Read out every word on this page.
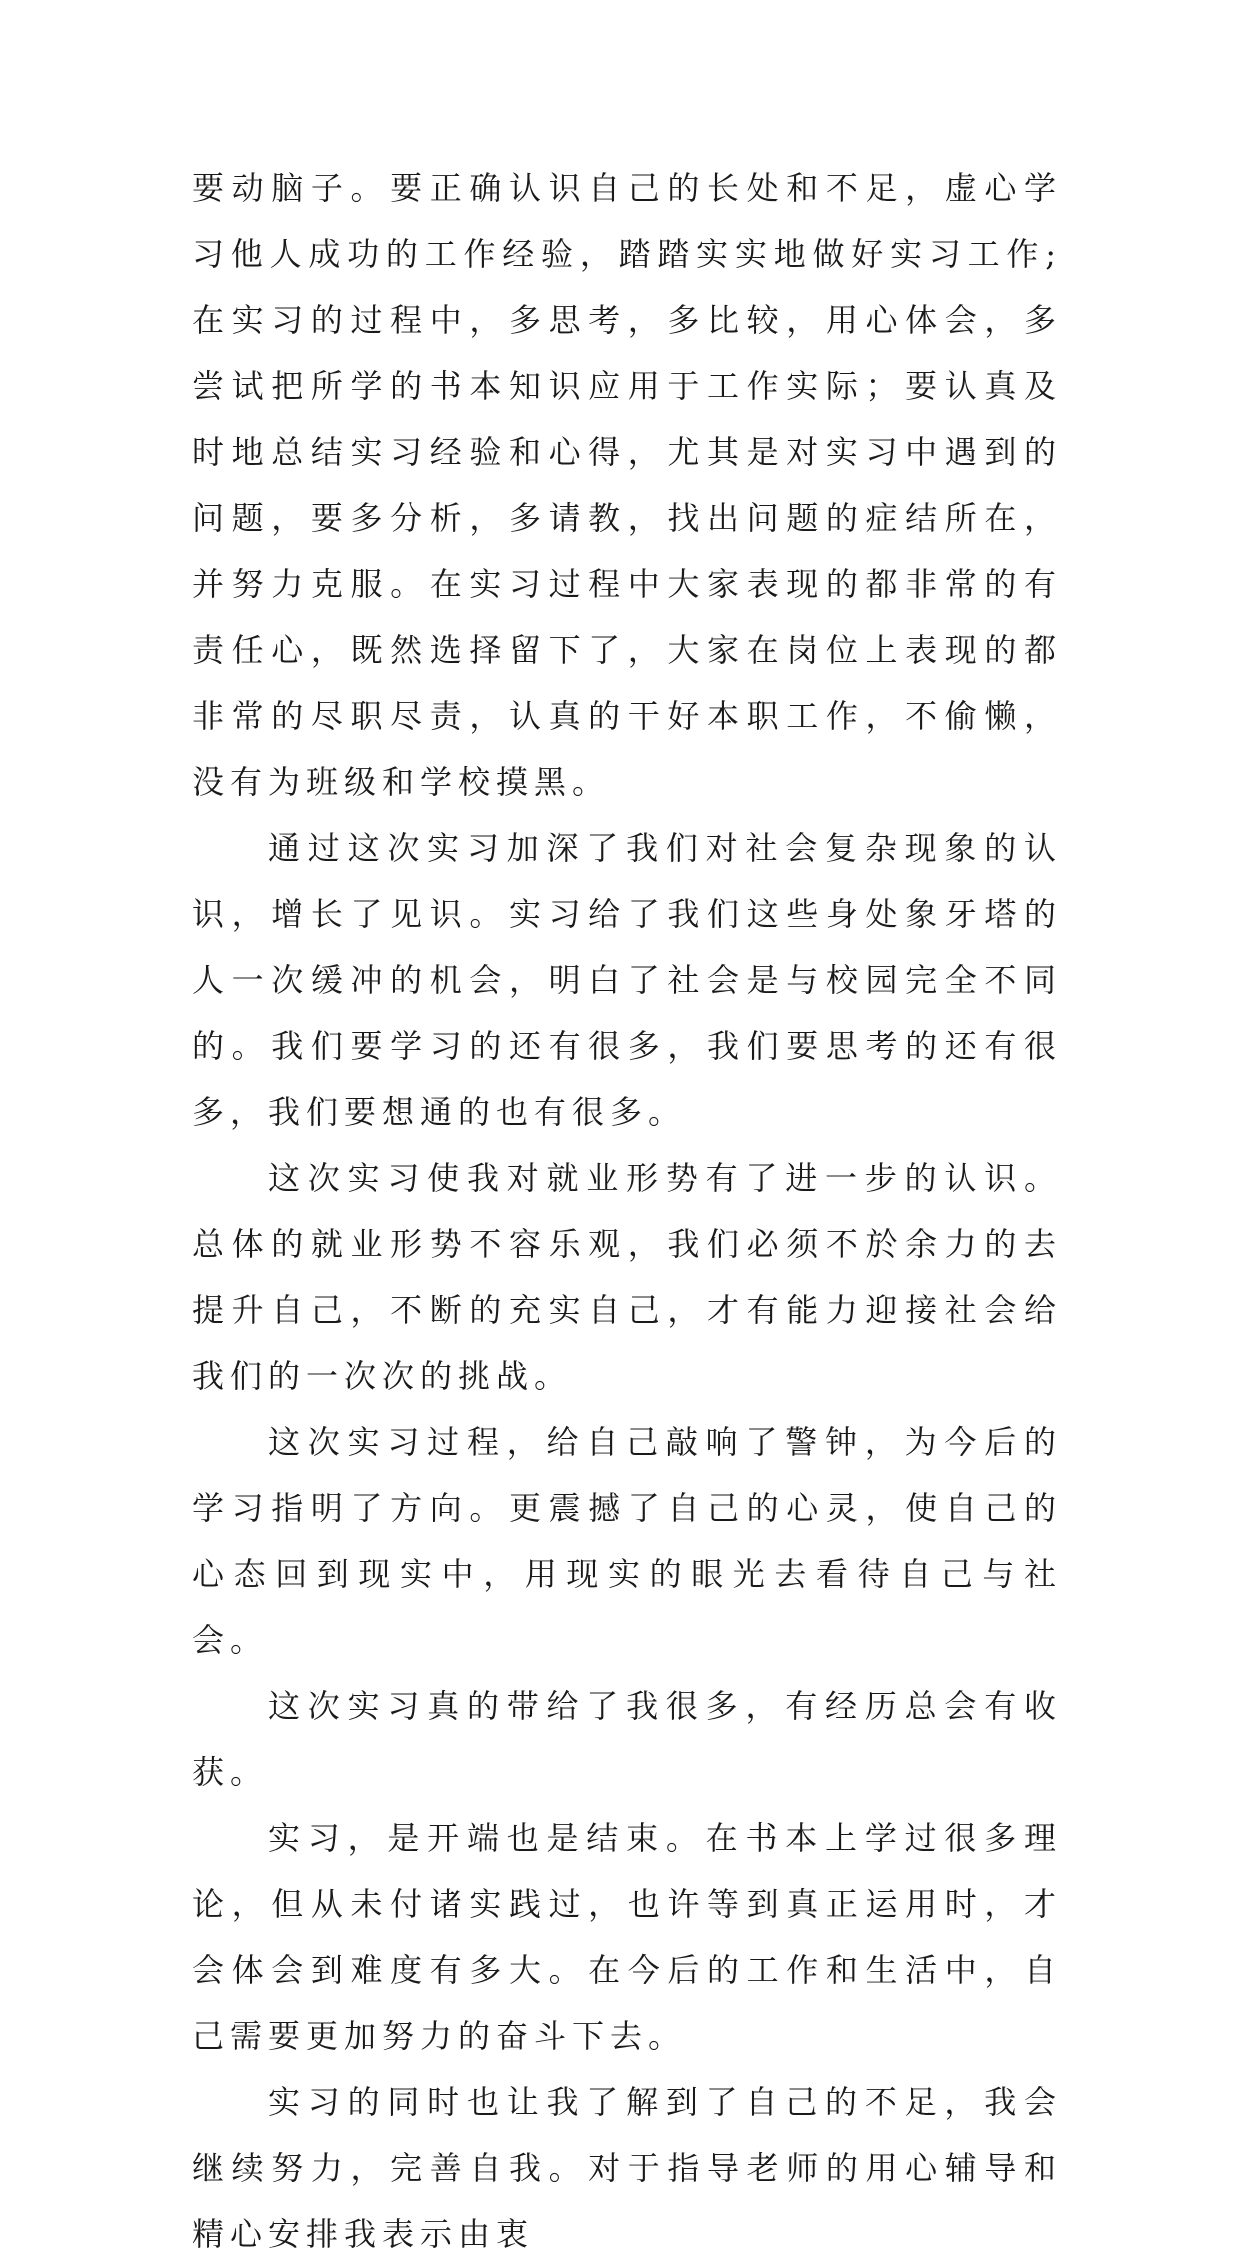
要动脑子。要正确认识自己的长处和不足，虚心学习他人成功的工作经验，踏踏实实地做好实习工作;在实习的过程中，多思考，多比较，用心体会，多尝试把所学的书本知识应用于工作实际；要认真及时地总结实习经验和心得，尤其是对实习中遇到的问题，要多分析，多请教，找出问题的症结所在，并努力克服。在实习过程中大家表现的都非常的有责任心，既然选择留下了，大家在岗位上表现的都非常的尽职尽责，认真的干好本职工作，不偷懒，没有为班级和学校摸黑。

通过这次实习加深了我们对社会复杂现象的认识，增长了见识。实习给了我们这些身处象牙塔的人一次缓冲的机会，明白了社会是与校园完全不同的。我们要学习的还有很多，我们要思考的还有很多，我们要想通的也有很多。

这次实习使我对就业形势有了进一步的认识。总体的就业形势不容乐观，我们必须不於余力的去提升自己，不断的充实自己，才有能力迎接社会给我们的一次次的挑战。

这次实习过程，给自己敲响了警钟，为今后的学习指明了方向。更震撼了自己的心灵，使自己的心态回到现实中，用现实的眼光去看待自己与社会。

这次实习真的带给了我很多，有经历总会有收获。

实习，是开端也是结束。在书本上学过很多理论，但从未付诸实践过，也许等到真正运用时，才会体会到难度有多大。在今后的工作和生活中，自己需要更加努力的奋斗下去。

实习的同时也让我了解到了自己的不足，我会继续努力，完善自我。对于指导老师的用心辅导和精心安排我表示由衷
